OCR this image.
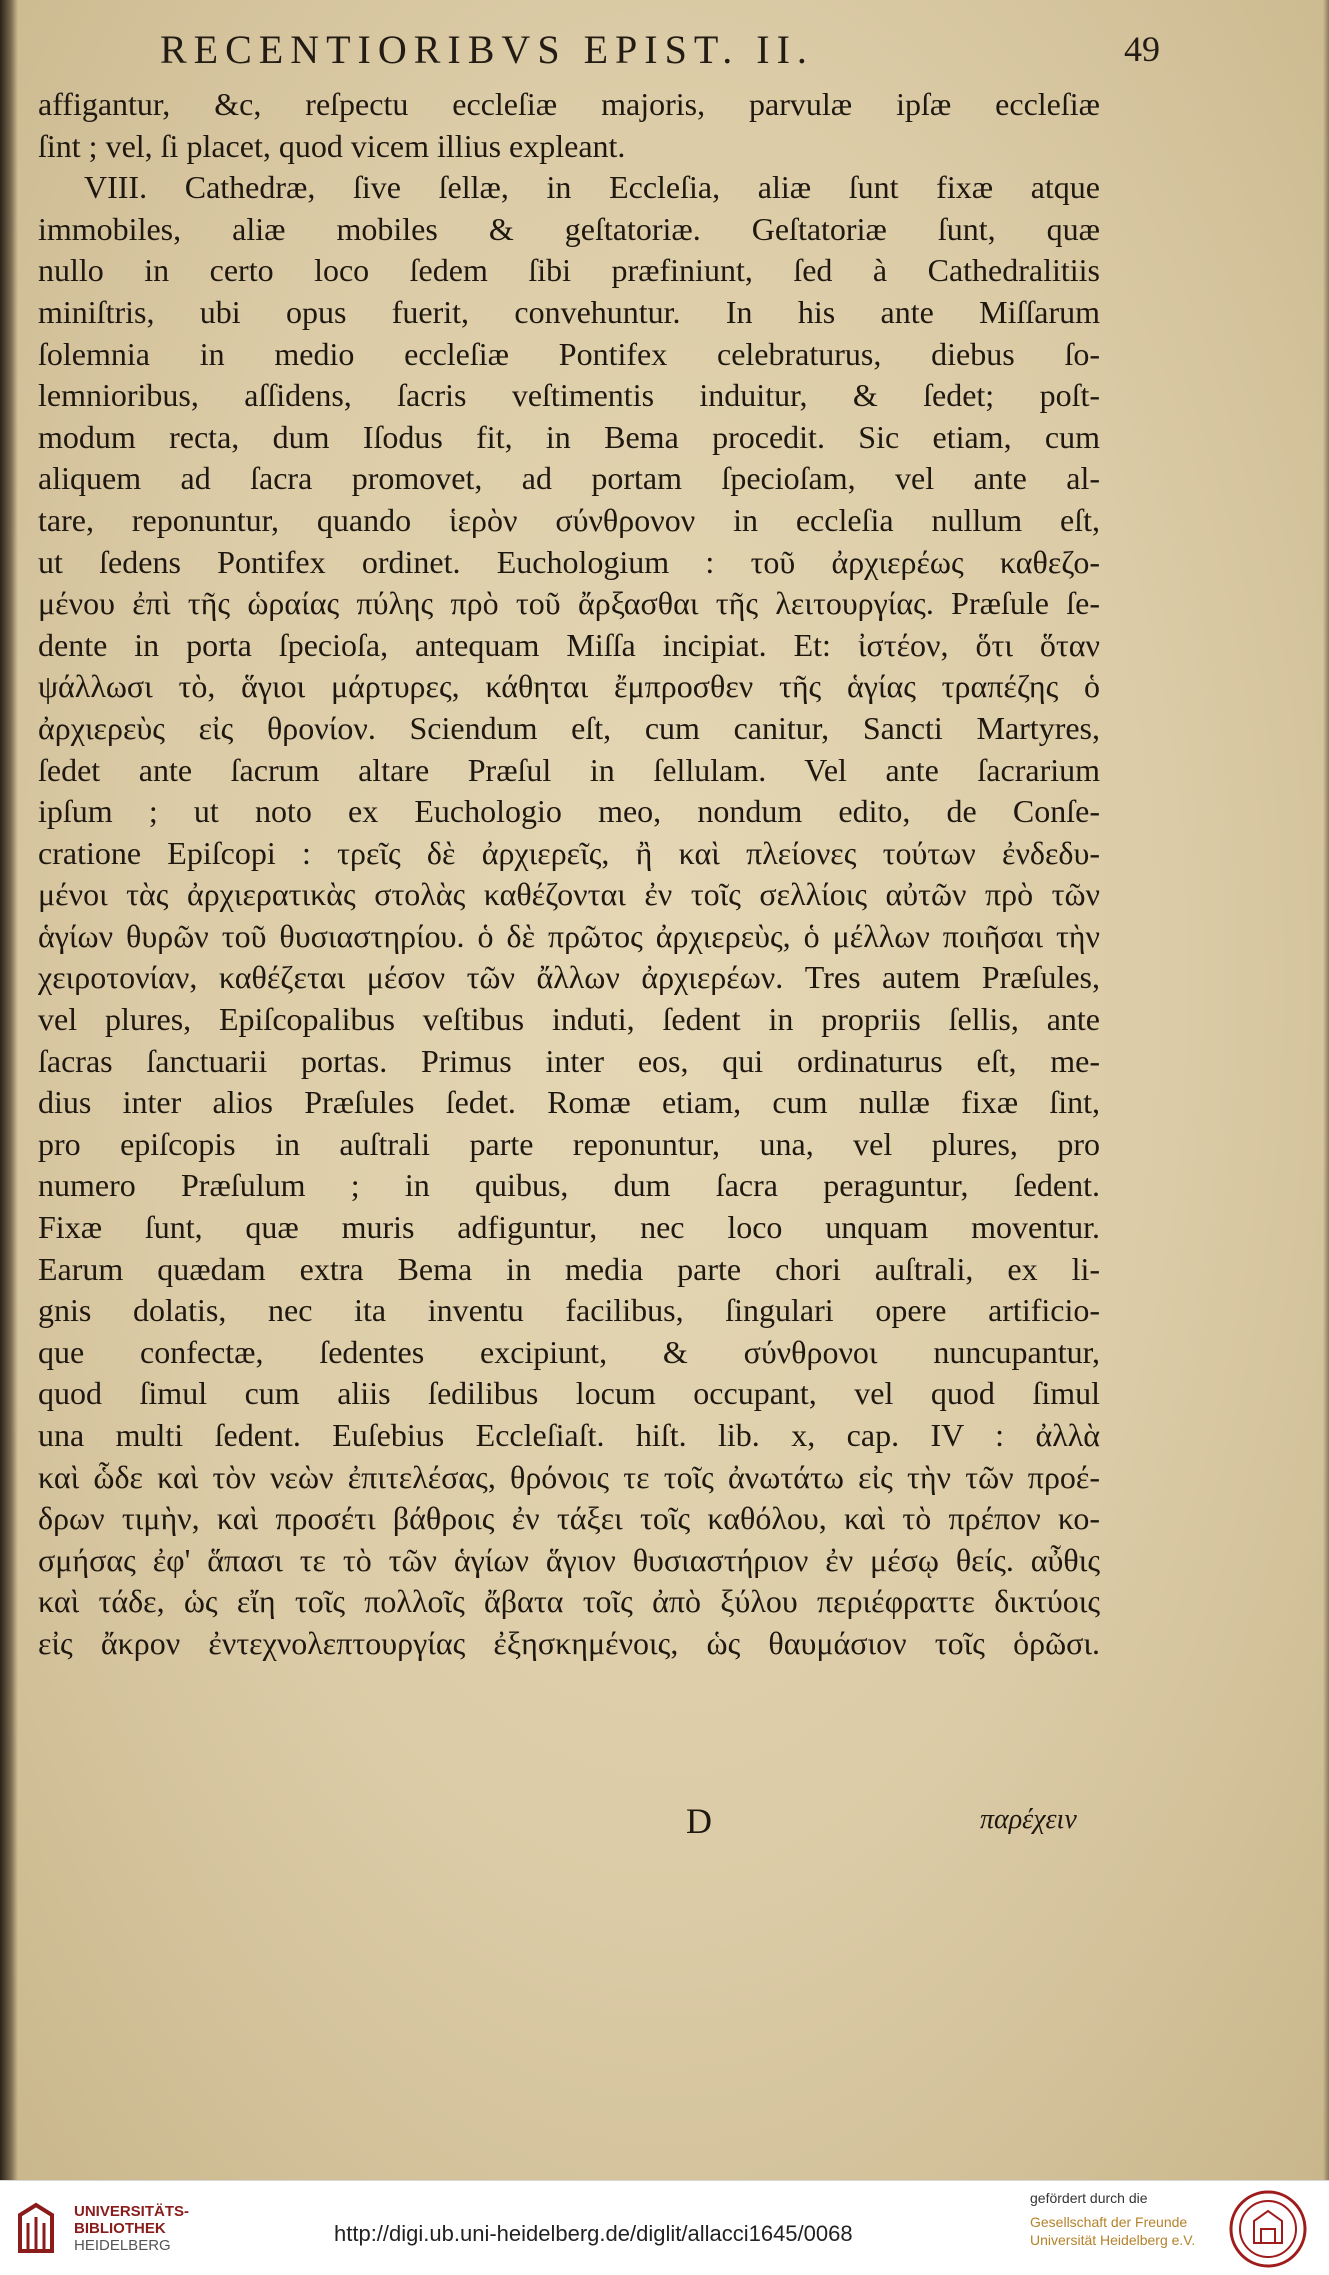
RECENTIORIBVS EPIST. II.	49
affigantur, &c, reſpectu eccleſiæ majoris, parvulæ ipſæ eccleſiæ
ſint ; vel, ſi placet, quod vicem illius expleant.
VIII. Cathedræ, ſive ſellæ, in Eccleſia, aliæ ſunt fixæ atque
immobiles, aliæ mobiles & geſtatoriæ. Geſtatoriæ ſunt, quæ
nullo in certo loco ſedem ſibi præfiniunt, ſed à Cathedralitiis
miniſtris, ubi opus fuerit, convehuntur. In his ante Miſſarum
ſolemnia in medio eccleſiæ Pontifex celebraturus, diebus ſo-
lemnioribus, aſſidens, ſacris veſtimentis induitur, & ſedet; poſt-
modum recta, dum Iſodus fit, in Bema procedit. Sic etiam, cum
aliquem ad ſacra promovet, ad portam ſpecioſam, vel ante al-
tare, reponuntur, quando ἱερὸν σύνθρονον in eccleſia nullum eſt,
ut ſedens Pontifex ordinet. Euchologium : τοῦ ἀρχιερέως καθεζο-
μένου ἐπὶ τῆς ὡραίας πύλης πρὸ τοῦ ἄρξασθαι τῆς λειτουργίας. Præſule ſe-
dente in porta ſpecioſa, antequam Miſſa incipiat. Et: ἰστέον, ὅτι ὅταν
ψάλλωσι τὸ, ἅγιοι μάρτυρες, κάθηται ἔμπροσθεν τῆς ἁγίας τραπέζης ὁ
ἀρχιερεὺς εἰς θρονίον. Sciendum eſt, cum canitur, Sancti Martyres,
ſedet ante ſacrum altare Præſul in ſellulam. Vel ante ſacrarium
ipſum ; ut noto ex Euchologio meo, nondum edito, de Conſe-
cratione Epiſcopi : τρεῖς δὲ ἀρχιερεῖς, ἢ καὶ πλείονες τούτων ἐνδεδυ-
μένοι τὰς ἀρχιερατικὰς στολὰς καθέζονται ἐν τοῖς σελλίοις αὐτῶν πρὸ τῶν
ἁγίων θυρῶν τοῦ θυσιαστηρίου. ὁ δὲ πρῶτος ἀρχιερεὺς, ὁ μέλλων ποιῆσαι τὴν
χειροτονίαν, καθέζεται μέσον τῶν ἄλλων ἀρχιερέων. Tres autem Præſules,
vel plures, Epiſcopalibus veſtibus induti, ſedent in propriis ſellis, ante
ſacras ſanctuarii portas. Primus inter eos, qui ordinaturus eſt, me-
dius inter alios Præſules ſedet. Romæ etiam, cum nullæ fixæ ſint,
pro epiſcopis in auſtrali parte reponuntur, una, vel plures, pro
numero Præſulum ; in quibus, dum ſacra peraguntur, ſedent.
Fixæ ſunt, quæ muris adfiguntur, nec loco unquam moventur.
Earum quædam extra Bema in media parte chori auſtrali, ex li-
gnis dolatis, nec ita inventu facilibus, ſingulari opere artificio-
que confectæ, ſedentes excipiunt, & σύνθρονοι nuncupantur,
quod ſimul cum aliis ſedilibus locum occupant, vel quod ſimul
una multi ſedent. Euſebius Eccleſiaſt. hiſt. lib. x, cap. IV : ἀλλὰ
καὶ ὧδε καὶ τὸν νεὼν ἐπιτελέσας, θρόνοις τε τοῖς ἀνωτάτω εἰς τὴν τῶν προέ-
δρων τιμὴν, καὶ προσέτι βάθροις ἐν τάξει τοῖς καθόλου, καὶ τὸ πρέπον κο-
σμήσας ἐφ' ἅπασι τε τὸ τῶν ἁγίων ἅγιον θυσιαστήριον ἐν μέσῳ θείς. αὖθις
καὶ τάδε, ὡς εἴη τοῖς πολλοῖς ἄβατα τοῖς ἀπὸ ξύλου περιέφραττε δικτύοις
εἰς ἄκρον ἐντεχνολεπτουργίας ἐξησκημένοις, ὡς θαυμάσιον τοῖς ὁρῶσι.
D	παρέχειν
UNIVERSITÄTS-
BIBLIOTHEK
HEIDELBERG	http://digi.ub.uni-heidelberg.de/diglit/allacci1645/0068
gefördert durch die
Gesellschaft der Freunde
Universität Heidelberg e.V.
